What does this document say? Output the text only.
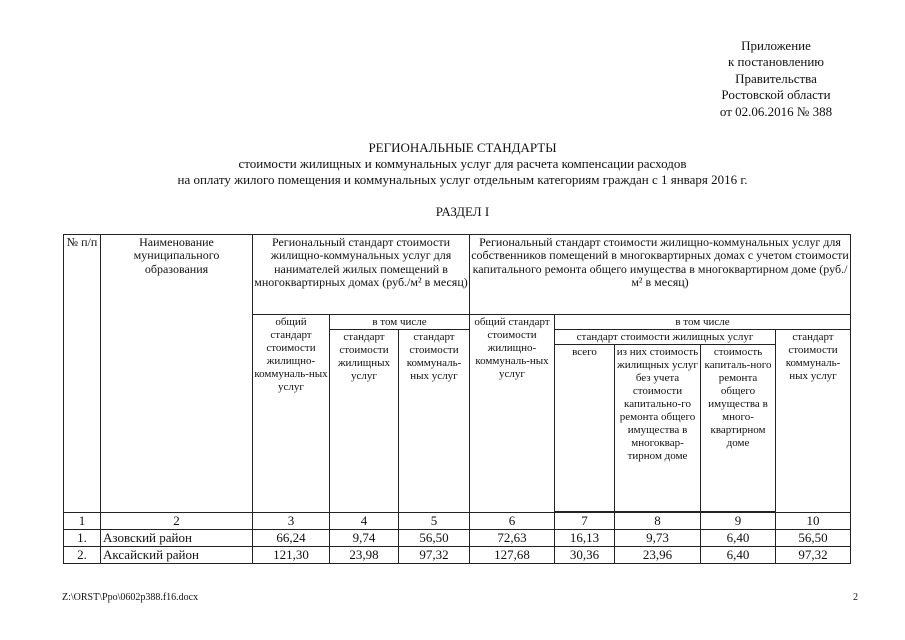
Приложение
к постановлению
Правительства
Ростовской области
от 02.06.2016 № 388
РЕГИОНАЛЬНЫЕ СТАНДАРТЫ
стоимости жилищных и коммунальных услуг для расчета компенсации расходов
на оплату жилого помещения и коммунальных услуг отдельным категориям граждан с 1 января 2016 г.
РАЗДЕЛ I
№ п/п	Наименование муниципального образования	Региональный стандарт стоимости жилищно-коммунальных услуг для нанимателей жилых помещений в многоквартирных домах (руб./м² в месяц)			Региональный стандарт стоимости жилищно-коммунальных услуг для собственников помещений в многоквартирных домах с учетом стоимости капитального ремонта общего имущества в многоквартирном доме (руб./м² в месяц)				
		общий стандарт стоимости жилищно-коммуналь-ных услуг	в том числе		общий стандарт стоимости жилищно-коммуналь-ных услуг	в том числе			
			стандарт стоимости жилищных услуг	стандарт стоимости коммуналь-ных услуг		стандарт стоимости жилищных услуг			стандарт стоимости коммуналь-ных услуг
						всего	из них стоимость жилищных услуг без учета стоимости капитально-го ремонта общего имущества в многоквар-тирном доме	стоимость капиталь-ного ремонта общего имущества в много-квартирном доме	

1	2	3	4	5	6	7	8	9	10
1.	Азовский район	66,24	9,74	56,50	72,63	16,13	9,73	6,40	56,50
2.	Аксайский район	121,30	23,98	97,32	127,68	30,36	23,96	6,40	97,32
Z:\ORST\Ppo\0602p388.f16.docx	2
